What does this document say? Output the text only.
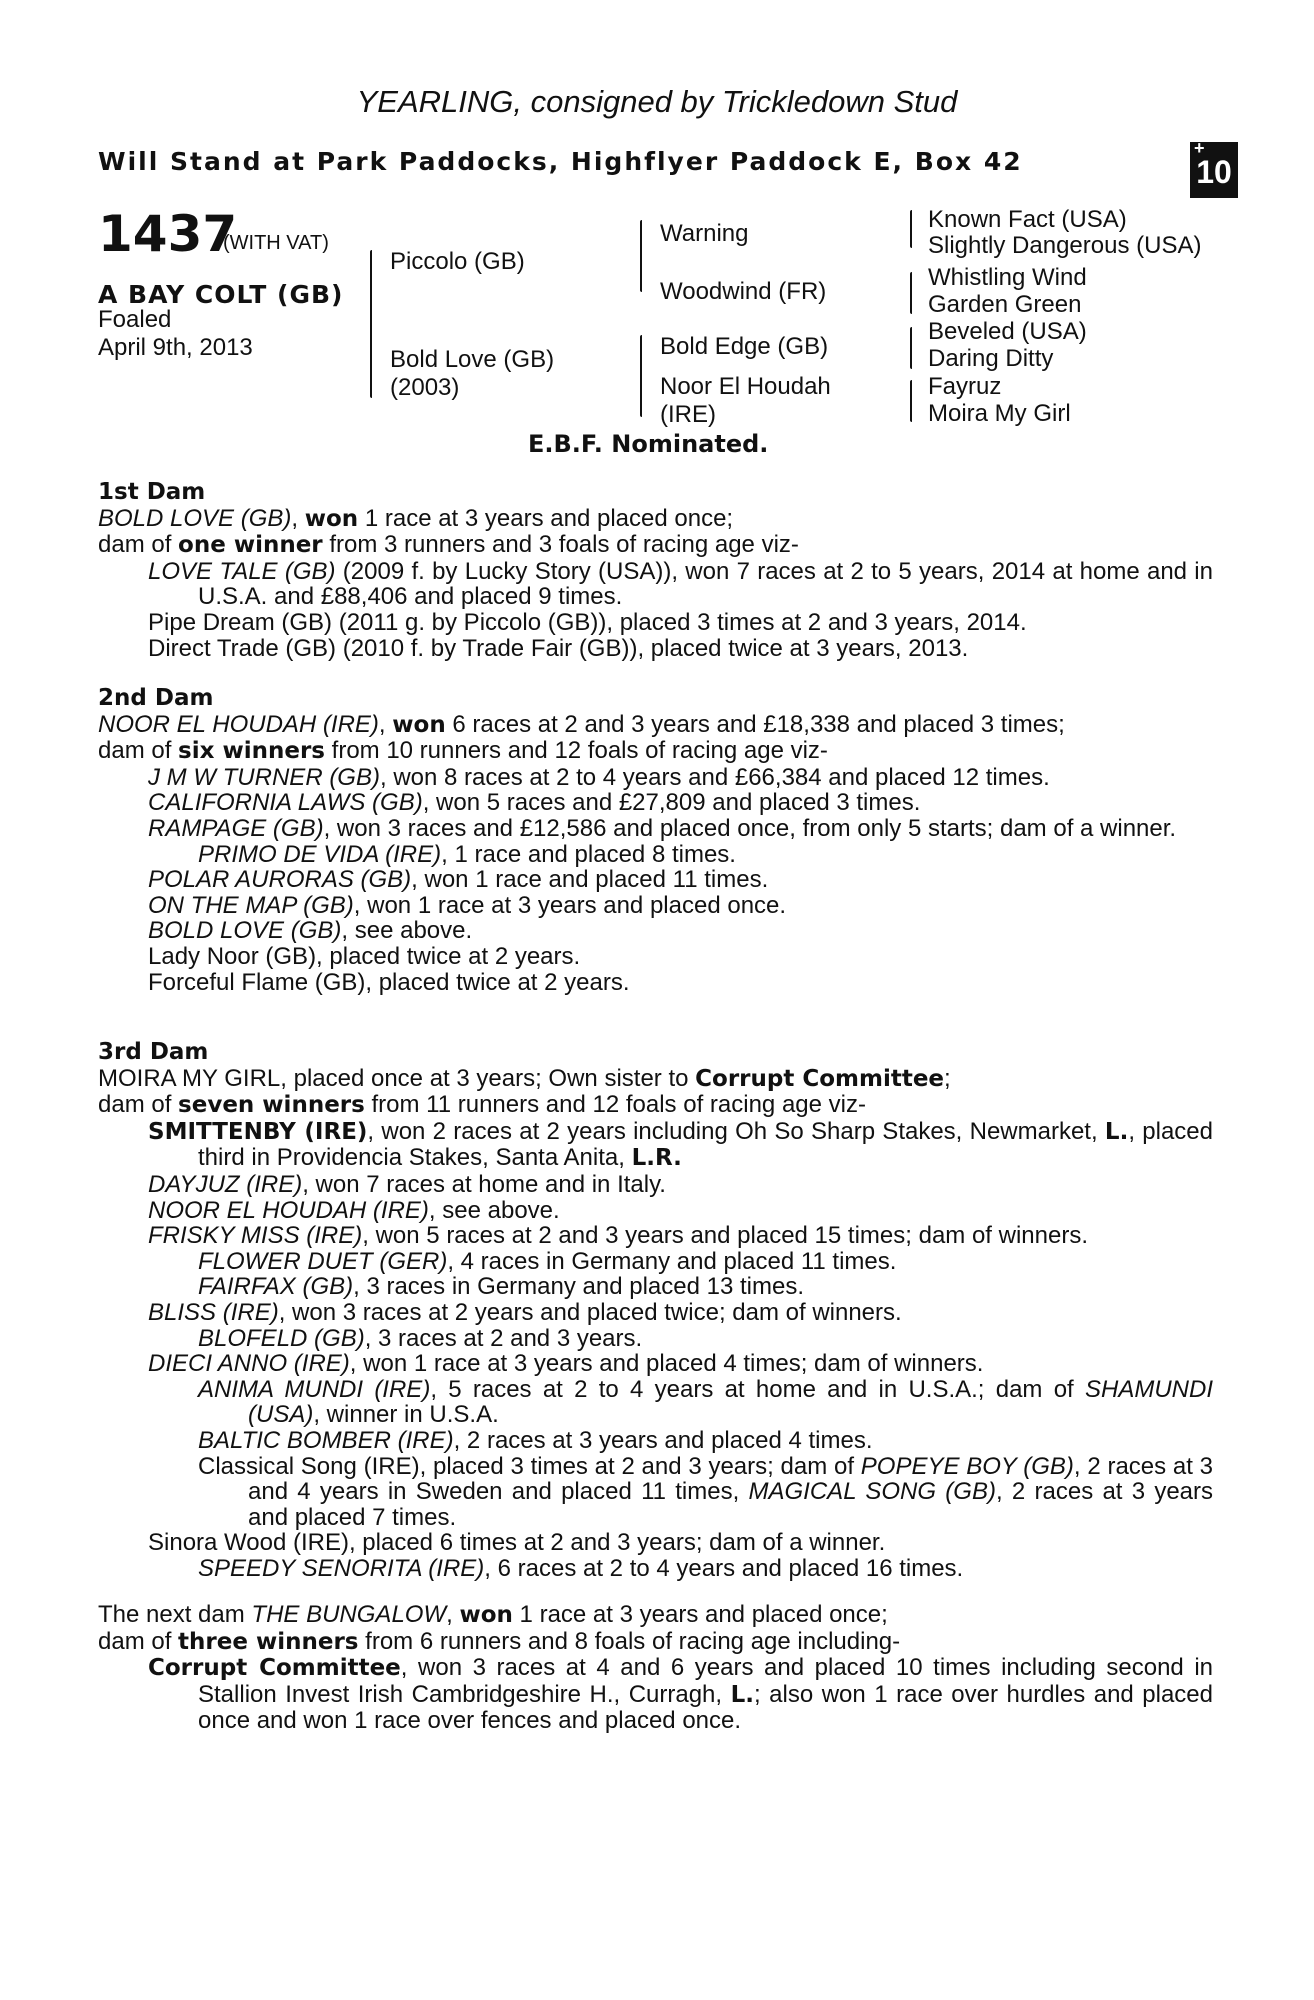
YEARLING, consigned by Trickledown Stud
Will Stand at Park Paddocks, Highflyer Paddock E, Box 42	+
10
1437
(WITH VAT)
A BAY COLT (GB)
Foaled
April 9th, 2013
Piccolo (GB)
Bold Love (GB)
(2003)
Warning
Woodwind (FR)
Bold Edge (GB)
Noor El Houdah
(IRE)
Known Fact (USA)
Slightly Dangerous (USA)
Whistling Wind
Garden Green
Beveled (USA)
Daring Ditty
Fayruz
Moira My Girl
E.B.F. Nominated.

1st Dam

BOLD LOVE (GB), won 1 race at 3 years and placed once;

dam of one winner from 3 runners and 3 foals of racing age viz-

LOVE TALE (GB) (2009 f. by Lucky Story (USA)), won 7 races at 2 to 5 years, 2014 at home and in U.S.A. and £88,406 and placed 9 times.

Pipe Dream (GB) (2011 g. by Piccolo (GB)), placed 3 times at 2 and 3 years, 2014.

Direct Trade (GB) (2010 f. by Trade Fair (GB)), placed twice at 3 years, 2013.

2nd Dam

NOOR EL HOUDAH (IRE), won 6 races at 2 and 3 years and £18,338 and placed 3 times;

dam of six winners from 10 runners and 12 foals of racing age viz-

J M W TURNER (GB), won 8 races at 2 to 4 years and £66,384 and placed 12 times.

CALIFORNIA LAWS (GB), won 5 races and £27,809 and placed 3 times.

RAMPAGE (GB), won 3 races and £12,586 and placed once, from only 5 starts; dam of a winner.

PRIMO DE VIDA (IRE), 1 race and placed 8 times.

POLAR AURORAS (GB), won 1 race and placed 11 times.

ON THE MAP (GB), won 1 race at 3 years and placed once.

BOLD LOVE (GB), see above.

Lady Noor (GB), placed twice at 2 years.

Forceful Flame (GB), placed twice at 2 years.

3rd Dam

MOIRA MY GIRL, placed once at 3 years; Own sister to Corrupt Committee;

dam of seven winners from 11 runners and 12 foals of racing age viz-

SMITTENBY (IRE), won 2 races at 2 years including Oh So Sharp Stakes, Newmarket, L., placed third in Providencia Stakes, Santa Anita, L.R.

DAYJUZ (IRE), won 7 races at home and in Italy.

NOOR EL HOUDAH (IRE), see above.

FRISKY MISS (IRE), won 5 races at 2 and 3 years and placed 15 times; dam of winners.

FLOWER DUET (GER), 4 races in Germany and placed 11 times.

FAIRFAX (GB), 3 races in Germany and placed 13 times.

BLISS (IRE), won 3 races at 2 years and placed twice; dam of winners.

BLOFELD (GB), 3 races at 2 and 3 years.

DIECI ANNO (IRE), won 1 race at 3 years and placed 4 times; dam of winners.

ANIMA MUNDI (IRE), 5 races at 2 to 4 years at home and in U.S.A.; dam of SHAMUNDI (USA), winner in U.S.A.

BALTIC BOMBER (IRE), 2 races at 3 years and placed 4 times.

Classical Song (IRE), placed 3 times at 2 and 3 years; dam of POPEYE BOY (GB), 2 races at 3 and 4 years in Sweden and placed 11 times, MAGICAL SONG (GB), 2 races at 3 years and placed 7 times.

Sinora Wood (IRE), placed 6 times at 2 and 3 years; dam of a winner.

SPEEDY SENORITA (IRE), 6 races at 2 to 4 years and placed 16 times.

The next dam THE BUNGALOW, won 1 race at 3 years and placed once;

dam of three winners from 6 runners and 8 foals of racing age including-

Corrupt Committee, won 3 races at 4 and 6 years and placed 10 times including second in Stallion Invest Irish Cambridgeshire H., Curragh, L.; also won 1 race over hurdles and placed once and won 1 race over fences and placed once.
